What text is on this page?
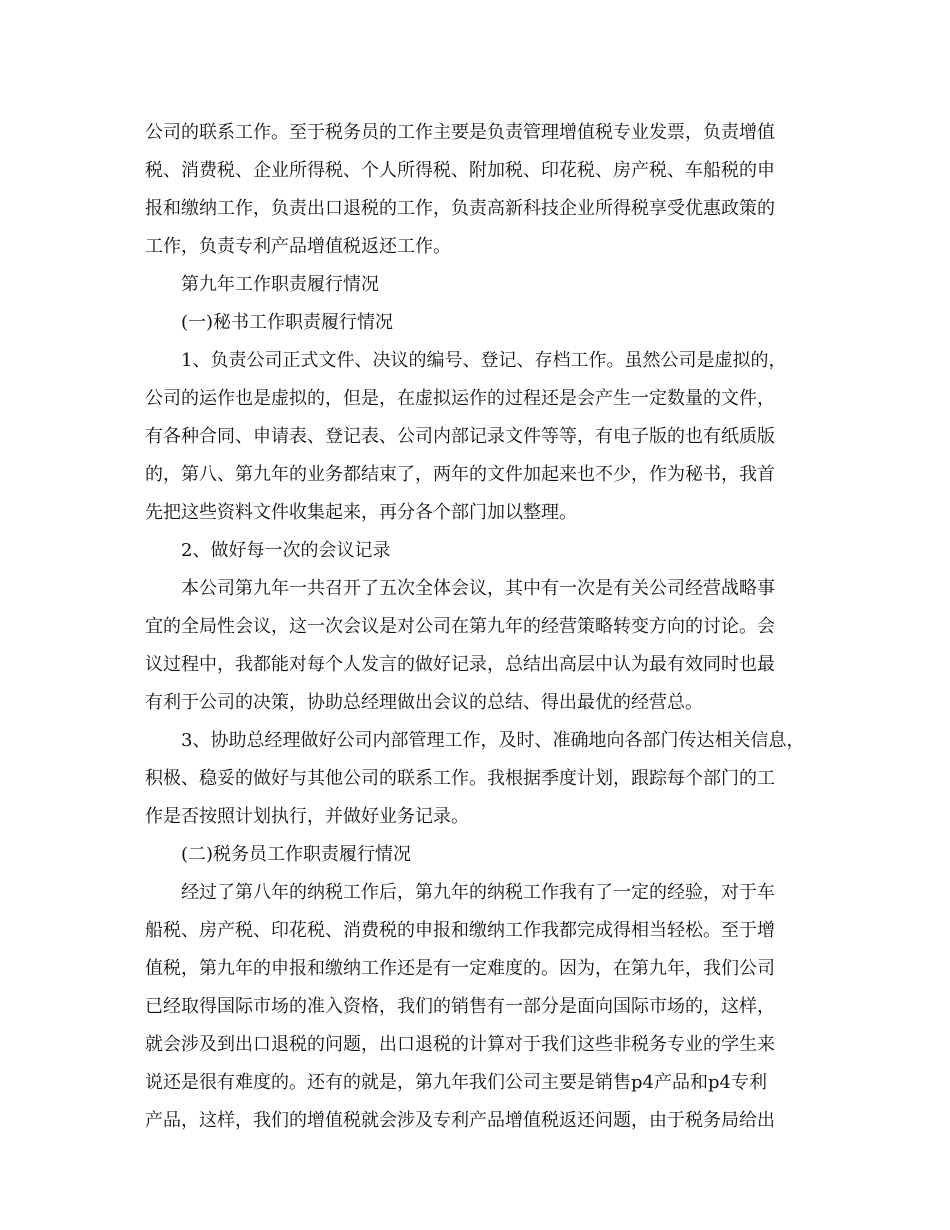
公司的联系工作。至于税务员的工作主要是负责管理增值税专业发票，负责增值
税、消费税、企业所得税、个人所得税、附加税、印花税、房产税、车船税的申
报和缴纳工作，负责出口退税的工作，负责高新科技企业所得税享受优惠政策的
工作，负责专利产品增值税返还工作。
第九年工作职责履行情况
(一)秘书工作职责履行情况
1、负责公司正式文件、决议的编号、登记、存档工作。虽然公司是虚拟的，
公司的运作也是虚拟的，但是，在虚拟运作的过程还是会产生一定数量的文件，
有各种合同、申请表、登记表、公司内部记录文件等等，有电子版的也有纸质版
的，第八、第九年的业务都结束了，两年的文件加起来也不少，作为秘书，我首
先把这些资料文件收集起来，再分各个部门加以整理。
2、做好每一次的会议记录
本公司第九年一共召开了五次全体会议，其中有一次是有关公司经营战略事
宜的全局性会议，这一次会议是对公司在第九年的经营策略转变方向的讨论。会
议过程中，我都能对每个人发言的做好记录，总结出高层中认为最有效同时也最
有利于公司的决策，协助总经理做出会议的总结、得出最优的经营总。
3、协助总经理做好公司内部管理工作，及时、准确地向各部门传达相关信息，
积极、稳妥的做好与其他公司的联系工作。我根据季度计划，跟踪每个部门的工
作是否按照计划执行，并做好业务记录。
(二)税务员工作职责履行情况
经过了第八年的纳税工作后，第九年的纳税工作我有了一定的经验，对于车
船税、房产税、印花税、消费税的申报和缴纳工作我都完成得相当轻松。至于增
值税，第九年的申报和缴纳工作还是有一定难度的。因为，在第九年，我们公司
已经取得国际市场的准入资格，我们的销售有一部分是面向国际市场的，这样，
就会涉及到出口退税的问题，出口退税的计算对于我们这些非税务专业的学生来
说还是很有难度的。还有的就是，第九年我们公司主要是销售p4产品和p4专利
产品，这样，我们的增值税就会涉及专利产品增值税返还问题，由于税务局给出
